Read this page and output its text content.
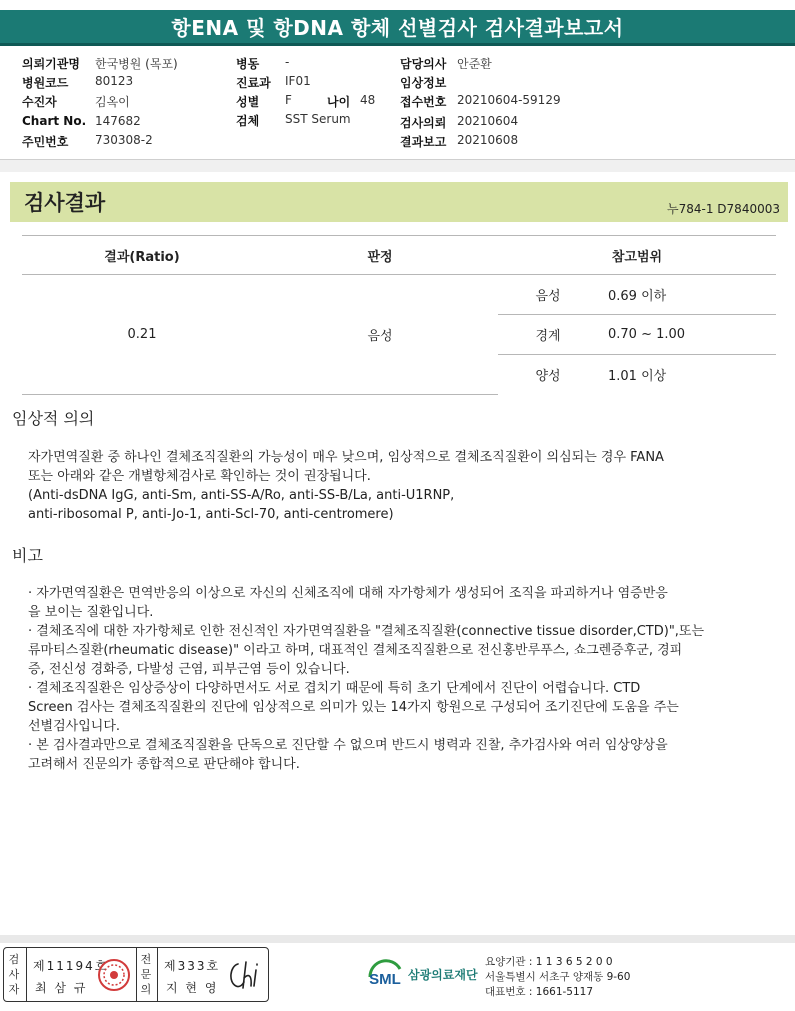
항ENA 및 항DNA 항체 선별검사 검사결과보고서
의뢰기관명 한국병원 (목포)
병원코드 80123
수진자	김옥이
Chart No. 147682
주민번호 730308-2
병동 -
진료과 IF01
성별 F	나이 48
검체 SST Serum
담당의사 안준환
임상정보
접수번호 20210604-59129
검사의뢰 20210604
결과보고 20210608
검사결과	누784-1 D7840003
결과(Ratio)	판정	참고범위	
0.21	음성	음성	0.69 이하
		경계	0.70 ~ 1.00
		양성	1.01 이상
임상적 의의
자가면역질환 중 하나인 결체조직질환의 가능성이 매우 낮으며, 임상적으로 결체조직질환이 의심되는 경우 FANA
또는 아래와 같은 개별항체검사로 확인하는 것이 권장됩니다.
(Anti-dsDNA IgG, anti-Sm, anti-SS-A/Ro, anti-SS-B/La, anti-U1RNP,
anti-ribosomal P, anti-Jo-1, anti-Scl-70, anti-centromere)
비고
· 자가면역질환은 면역반응의 이상으로 자신의 신체조직에 대해 자가항체가 생성되어 조직을 파괴하거나 염증반응
을 보이는 질환입니다.
· 결체조직에 대한 자가항체로 인한 전신적인 자가면역질환을 "결체조직질환(connective tissue disorder,CTD)",또는
류마티스질환(rheumatic disease)" 이라고 하며, 대표적인 결체조직질환으로 전신홍반루푸스, 쇼그렌증후군, 경피
증, 전신성 경화증, 다발성 근염, 피부근염 등이 있습니다.
· 결체조직질환은 임상증상이 다양하면서도 서로 겹치기 때문에 특히 초기 단계에서 진단이 어렵습니다. CTD
Screen 검사는 결체조직질환의 진단에 임상적으로 의미가 있는 14가지 항원으로 구성되어 조기진단에 도움을 주는
선별검사입니다.
· 본 검사결과만으로 결체조직질환을 단독으로 진단할 수 없으며 반드시 병력과 진찰, 추가검사와 여러 임상양상을
고려해서 진문의가 종합적으로 판단해야 합니다.
검사자
제11194호
최 삼 규
전문의
제333호
지 현 영	SML 삼광의료재단
요양기관 : 1 1 3 6 5 2 0 0
서울특별시 서초구 양재동 9-60
대표번호 : 1661-5117
